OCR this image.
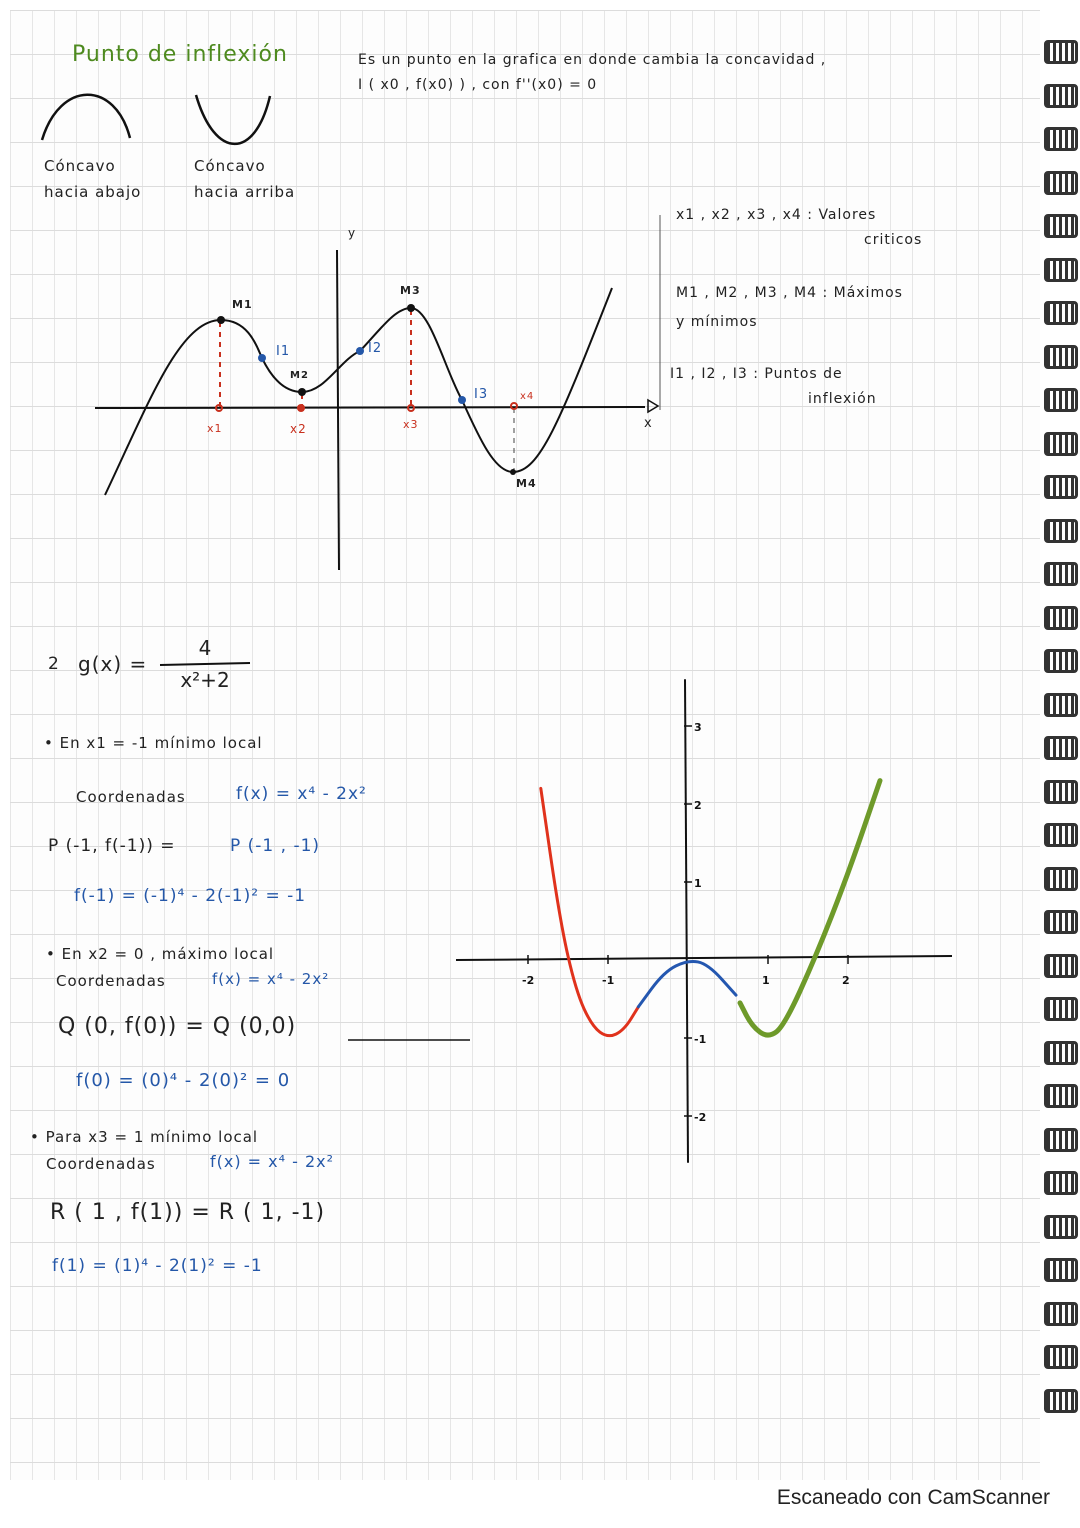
Punto de inflexión	Es un punto en la grafica en donde cambia la concavidad ,
I ( x0 , f(x0) ) , con f''(x0) = 0
-2	-1	1	2
3
2
1
-1
-2
Cóncavo
hacia abajo
Cóncavo
hacia arriba
y
x
M1
M2
M3
M4
I1	I2
I3
x1	x2	x3
x4
x1 , x2 , x3 , x4 : Valores
criticos
M1 , M2 , M3 , M4 : Máximos
y mínimos
I1 , I2 , I3 : Puntos de
inflexión
2 g(x) =
4
x²+2
• En x1 = -1 mínimo local
Coordenadas	f(x) = x⁴ - 2x²
P (-1, f(-1)) =	P (-1 , -1)
f(-1) = (-1)⁴ - 2(-1)² = -1
• En x2 = 0 , máximo local
Coordenadas	f(x) = x⁴ - 2x²
Q (0, f(0)) = Q (0,0)
f(0) = (0)⁴ - 2(0)² = 0
• Para x3 = 1 mínimo local
Coordenadas	f(x) = x⁴ - 2x²
R ( 1 , f(1)) = R ( 1, -1)
f(1) = (1)⁴ - 2(1)² = -1
Escaneado con CamScanner
